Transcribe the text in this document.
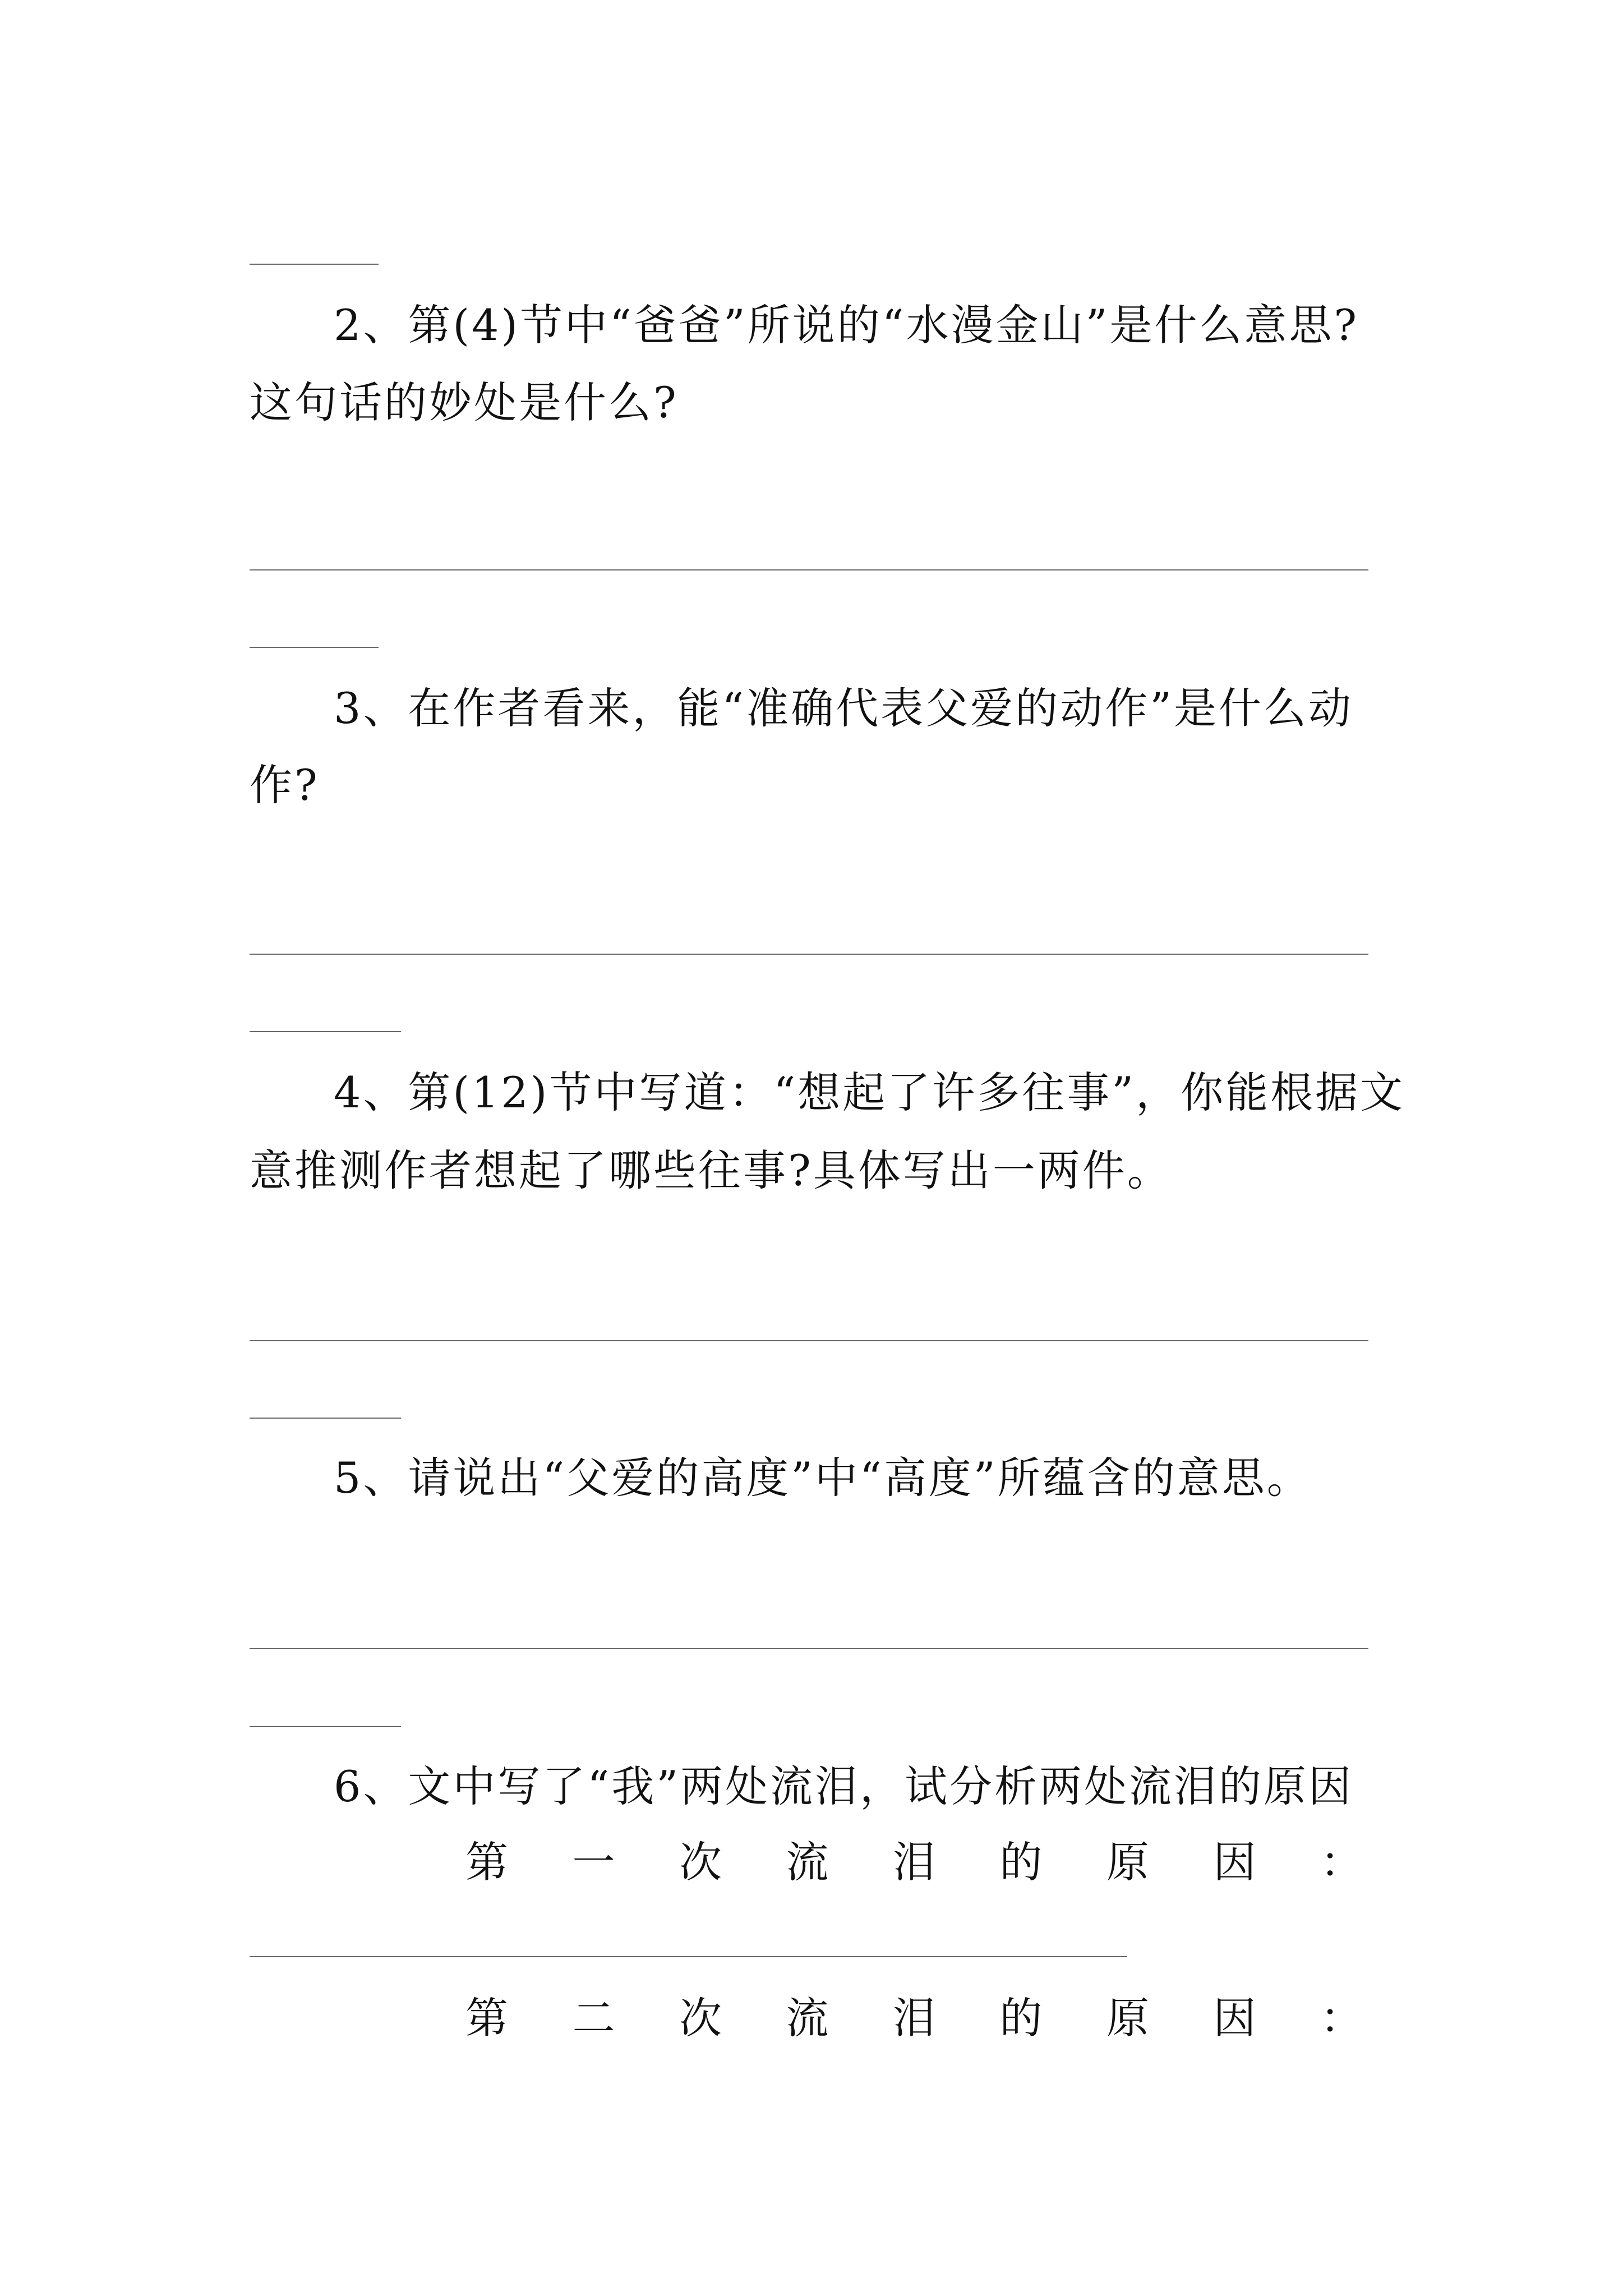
2、第(4)节中“爸爸”所说的“水漫金山”是什么意思?
这句话的妙处是什么?
3、在作者看来，能“准确代表父爱的动作”是什么动
作?
4、第(12)节中写道：“想起了许多往事”，你能根据文
意推测作者想起了哪些往事?具体写出一两件。
5、请说出“父爱的高度”中“高度”所蕴含的意思。
6、文中写了“我”两处流泪，试分析两处流泪的原因
第 一 次 流 泪 的 原 因 ：
第 二 次 流 泪 的 原 因 ：
